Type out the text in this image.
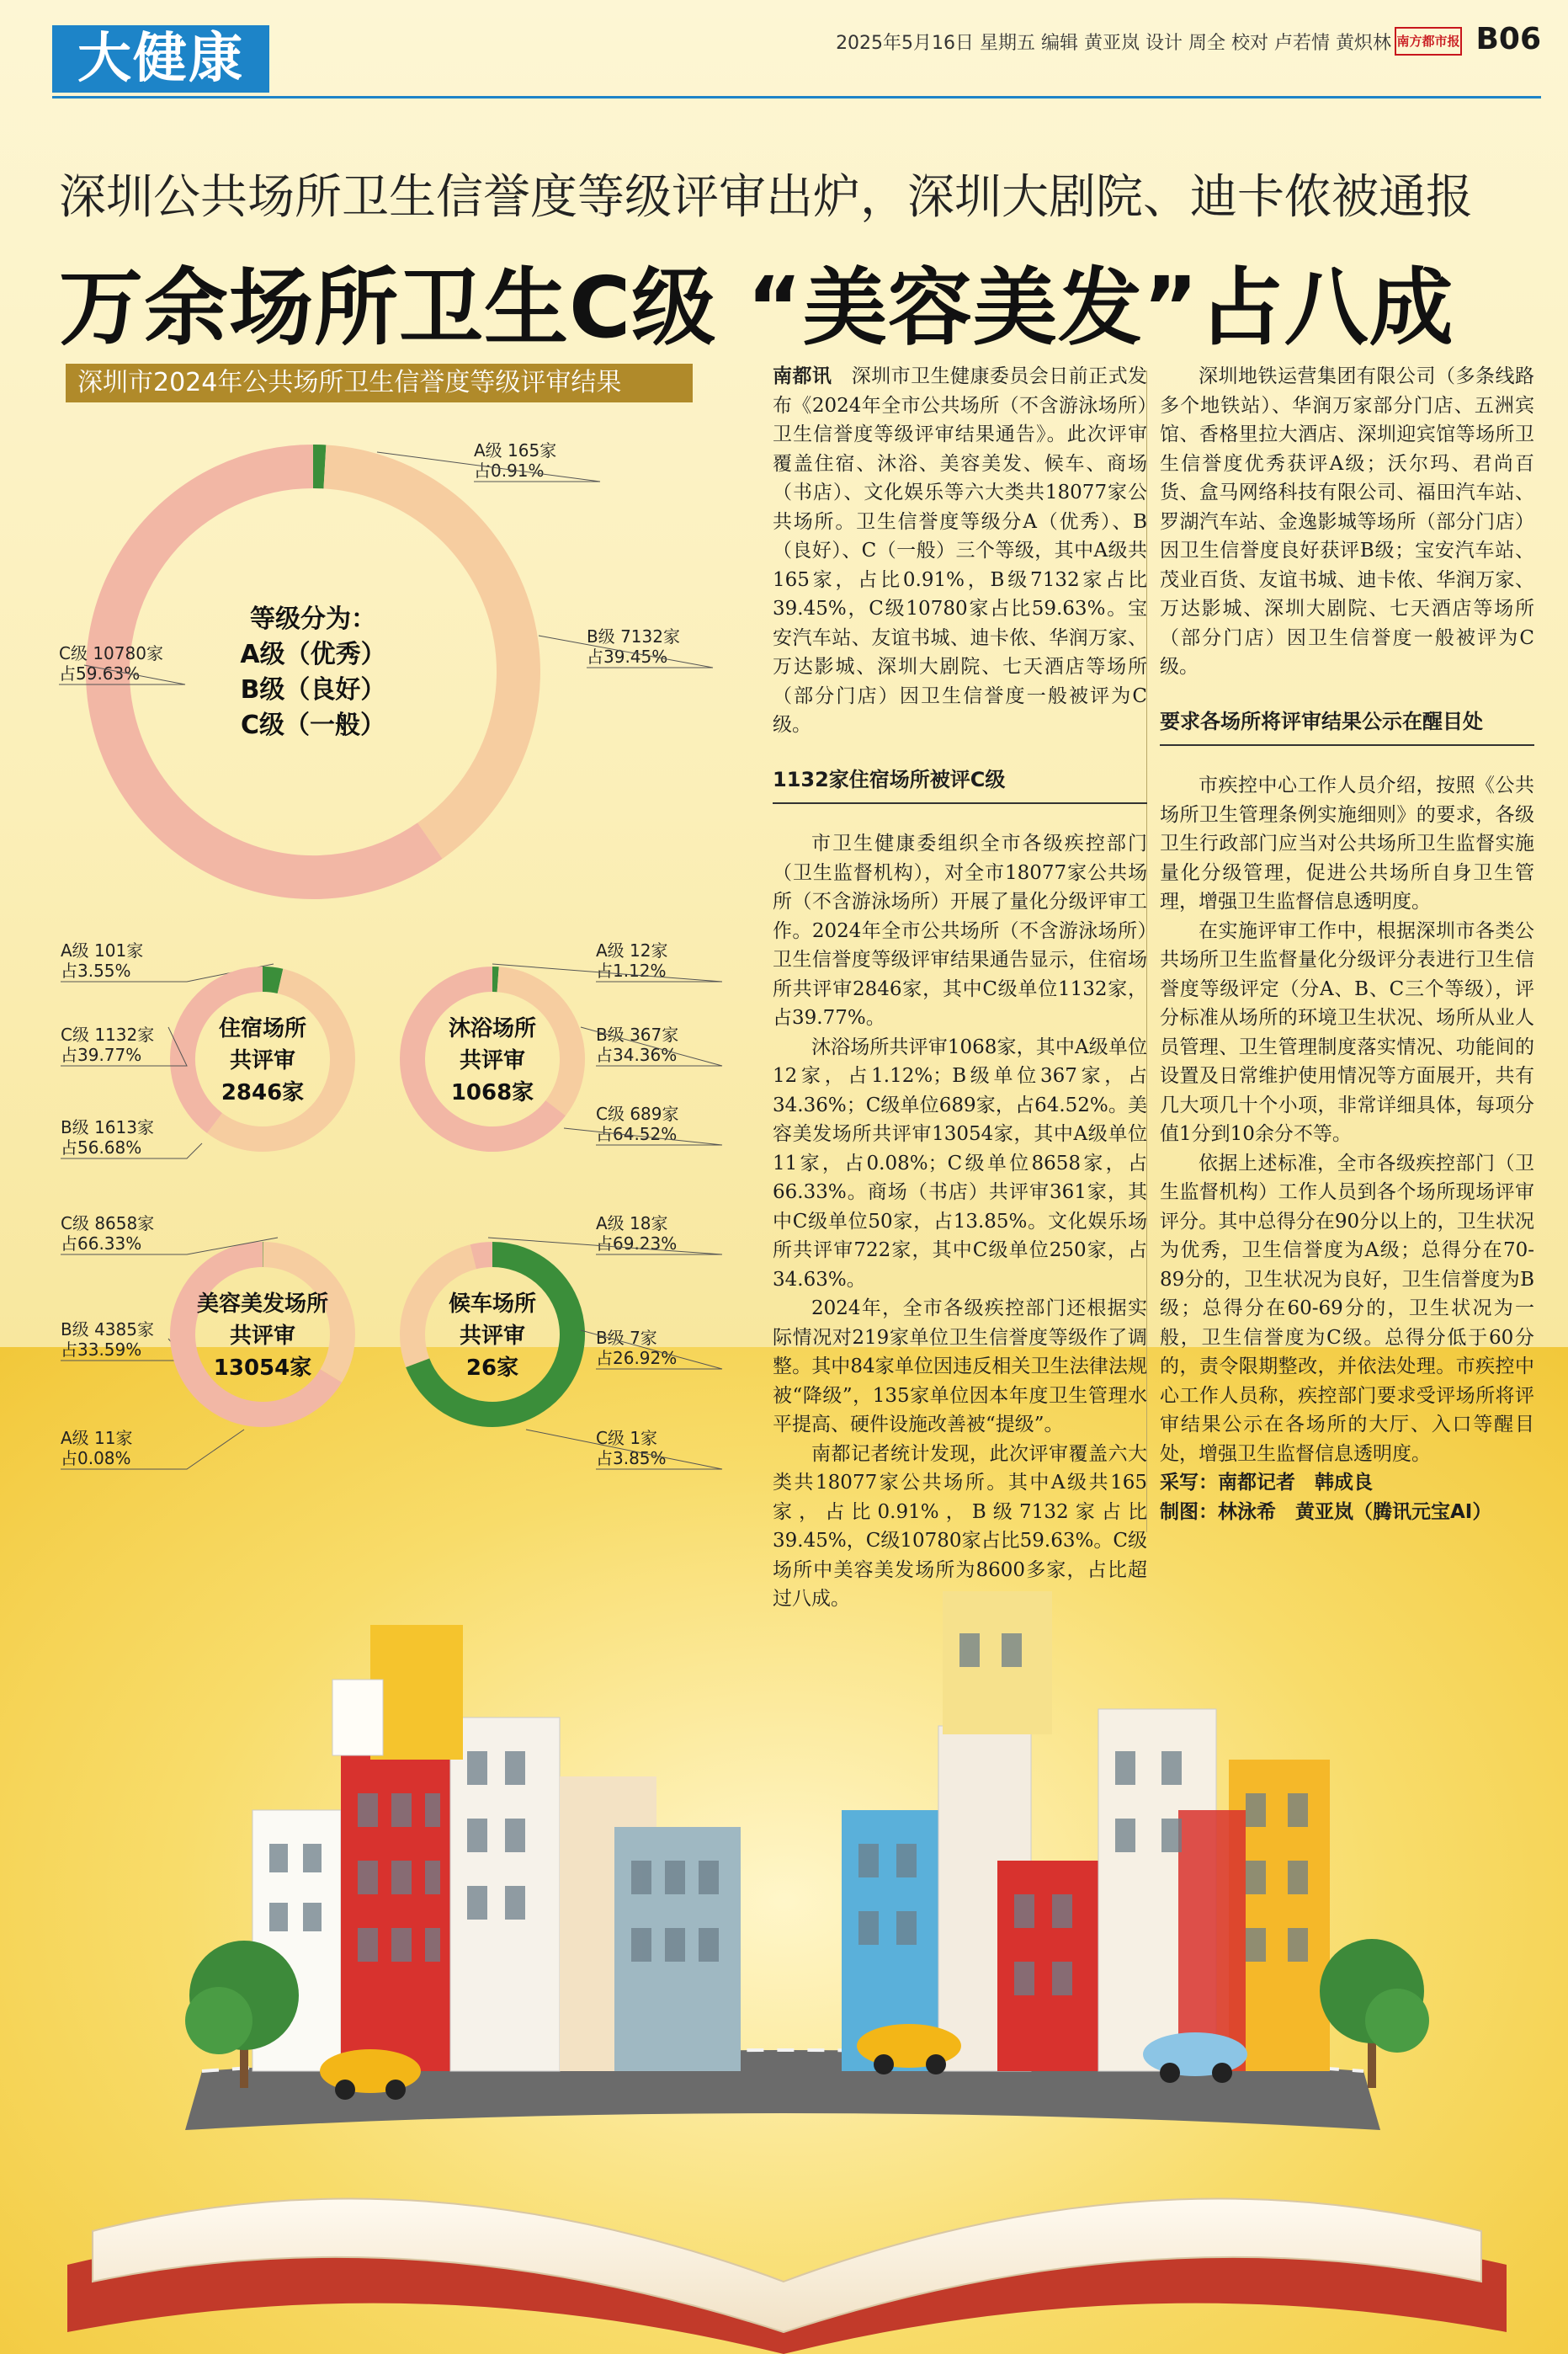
大健康	2025年5月16日 星期五 编辑 黄亚岚 设计 周全 校对 卢若情 黄炽林 南方都市报 B06
深圳公共场所卫生信誉度等级评审出炉，深圳大剧院、迪卡侬被通报
万余场所卫生C级 “美容美发”占八成
深圳市2024年公共场所卫生信誉度等级评审结果
A级 165家
占0.91%
B级 7132家
占39.45%
C级 10780家
占59.63%
等级分为：
A级（优秀）
B级（良好）
C级（一般）
A级 101家
占3.55%
B级 1613家
占56.68%
C级 1132家
占39.77%
住宿场所
共评审
2846家
A级 12家
占1.12%
B级 367家
占34.36%
C级 689家
占64.52%
沐浴场所
共评审
1068家
A级 11家
占0.08%
B级 4385家
占33.59%
C级 8658家
占66.33%
美容美发场所
共评审
13054家
A级 18家
占69.23%
B级 7家
占26.92%
C级 1家
占3.85%
候车场所
共评审
26家

南都讯　 深圳市卫生健康委员会日前正式发布《2024年全市公共场所（不含游泳场所）卫生信誉度等级评审结果通告》。此次评审覆盖住宿、沐浴、美容美发、候车、商场（书店）、文化娱乐等六大类共18077家公共场所。卫生信誉度等级分A（优秀）、B（良好）、C（一般）三个等级，其中A级共165家，占比0.91%，B级7132家占比39.45%，C级10780家占比59.63%。宝安汽车站、友谊书城、迪卡侬、华润万家、万达影城、深圳大剧院、七天酒店等场所（部分门店）因卫生信誉度一般被评为C级。

1132家住宿场所被评C级

市卫生健康委组织全市各级疾控部门（卫生监督机构），对全市18077家公共场所（不含游泳场所）开展了量化分级评审工作。2024年全市公共场所（不含游泳场所）卫生信誉度等级评审结果通告显示，住宿场所共评审2846家，其中C级单位1132家，占39.77%。

沐浴场所共评审1068家，其中A级单位12家，占1.12%；B级单位367家，占34.36%；C级单位689家，占64.52%。美容美发场所共评审13054家，其中A级单位11家，占0.08%；C级单位8658家，占66.33%。商场（书店）共评审361家，其中C级单位50家，占13.85%。文化娱乐场所共评审722家，其中C级单位250家，占34.63%。

2024年，全市各级疾控部门还根据实际情况对219家单位卫生信誉度等级作了调整。其中84家单位因违反相关卫生法律法规被“降级”，135家单位因本年度卫生管理水平提高、硬件设施改善被“提级”。

南都记者统计发现，此次评审覆盖六大类共18077家公共场所。其中A级共165家，占比0.91%，B级7132家占比39.45%，C级10780家占比59.63%。C级场所中美容美发场所为8600多家，占比超过八成。

深圳地铁运营集团有限公司（多条线路多个地铁站）、华润万家部分门店、五洲宾馆、香格里拉大酒店、深圳迎宾馆等场所卫生信誉度优秀获评A级；沃尔玛、君尚百货、盒马网络科技有限公司、福田汽车站、罗湖汽车站、金逸影城等场所（部分门店）因卫生信誉度良好获评B级；宝安汽车站、茂业百货、友谊书城、迪卡侬、华润万家、万达影城、深圳大剧院、七天酒店等场所（部分门店）因卫生信誉度一般被评为C级。

要求各场所将评审结果公示在醒目处

市疾控中心工作人员介绍，按照《公共场所卫生管理条例实施细则》的要求，各级卫生行政部门应当对公共场所卫生监督实施量化分级管理，促进公共场所自身卫生管理，增强卫生监督信息透明度。

在实施评审工作中，根据深圳市各类公共场所卫生监督量化分级评分表进行卫生信誉度等级评定（分A、B、C三个等级），评分标准从场所的环境卫生状况、场所从业人员管理、卫生管理制度落实情况、功能间的设置及日常维护使用情况等方面展开，共有几大项几十个小项，非常详细具体，每项分值1分到10余分不等。

依据上述标准，全市各级疾控部门（卫生监督机构）工作人员到各个场所现场评审评分。其中总得分在90分以上的，卫生状况为优秀，卫生信誉度为A级；总得分在70-89分的，卫生状况为良好，卫生信誉度为B级；总得分在60-69分的，卫生状况为一般，卫生信誉度为C级。总得分低于60分的，责令限期整改，并依法处理。市疾控中心工作人员称，疾控部门要求受评场所将评审结果公示在各场所的大厅、入口等醒目处，增强卫生监督信息透明度。

采写：南都记者　韩成良

制图：林泳希　黄亚岚（腾讯元宝AI）
